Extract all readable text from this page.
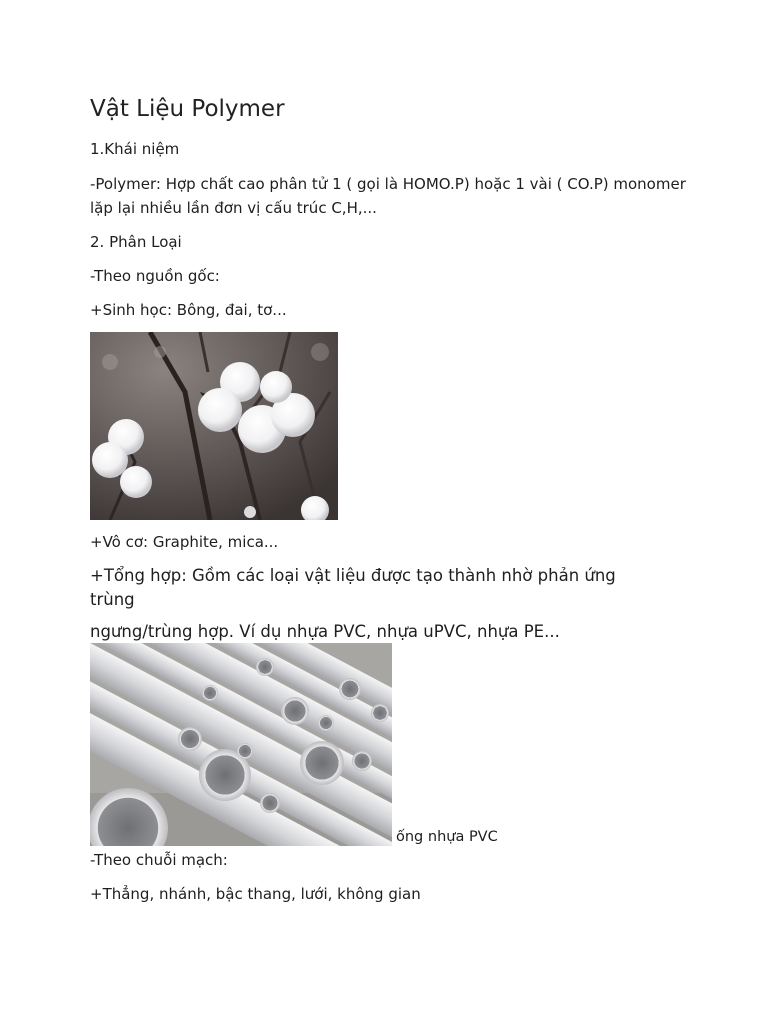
Vật Liệu Polymer

1.Khái niệm

-Polymer: Hợp chất cao phân tử 1 ( gọi là HOMO.P) hoặc 1 vài ( CO.P) monomer

lặp lại nhiều lần đơn vị cấu trúc C,H,...

2. Phân Loại

-Theo nguồn gốc:

+Sinh học: Bông, đai, tơ...

+Vô cơ: Graphite, mica...

+Tổng hợp: Gồm các loại vật liệu được tạo thành nhờ phản ứng

trùng

ngưng/trùng hợp. Ví dụ nhựa PVC, nhựa uPVC, nhựa PE...

ống nhựa PVC

-Theo chuỗi mạch:

+Thẳng, nhánh, bậc thang, lưới, không gian
